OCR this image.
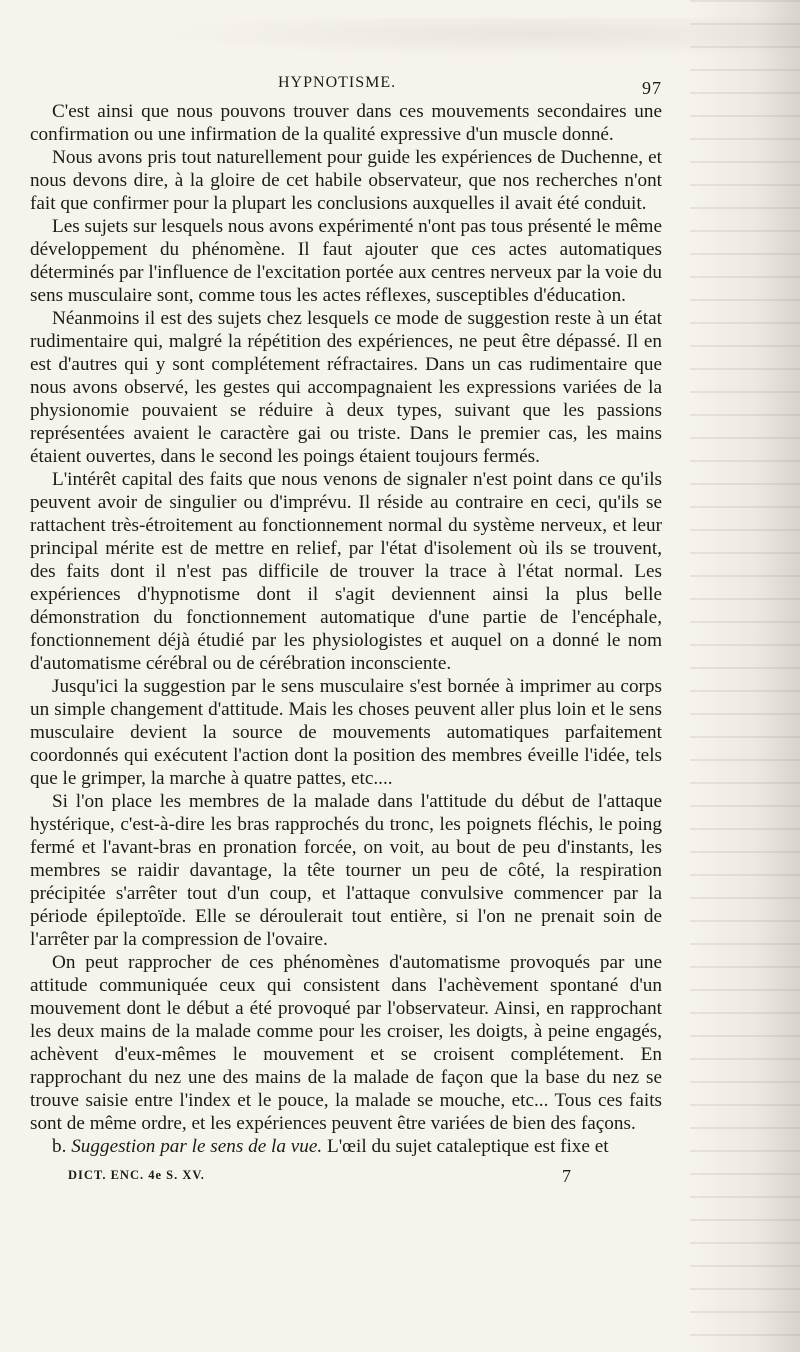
HYPNOTISME.	97

C'est ainsi que nous pouvons trouver dans ces mouvements secondaires une confirmation ou une infirmation de la qualité expressive d'un muscle donné.

Nous avons pris tout naturellement pour guide les expériences de Duchenne, et nous devons dire, à la gloire de cet habile observateur, que nos recherches n'ont fait que confirmer pour la plupart les conclusions auxquelles il avait été conduit.

Les sujets sur lesquels nous avons expérimenté n'ont pas tous présenté le même développement du phénomène. Il faut ajouter que ces actes automatiques déterminés par l'influence de l'excitation portée aux centres nerveux par la voie du sens musculaire sont, comme tous les actes réflexes, susceptibles d'éducation.

Néanmoins il est des sujets chez lesquels ce mode de suggestion reste à un état rudimentaire qui, malgré la répétition des expériences, ne peut être dépassé. Il en est d'autres qui y sont complétement réfractaires. Dans un cas rudimentaire que nous avons observé, les gestes qui accompagnaient les expressions variées de la physionomie pouvaient se réduire à deux types, suivant que les passions représentées avaient le caractère gai ou triste. Dans le premier cas, les mains étaient ouvertes, dans le second les poings étaient toujours fermés.

L'intérêt capital des faits que nous venons de signaler n'est point dans ce qu'ils peuvent avoir de singulier ou d'imprévu. Il réside au contraire en ceci, qu'ils se rattachent très-étroitement au fonctionnement normal du système nerveux, et leur principal mérite est de mettre en relief, par l'état d'isolement où ils se trouvent, des faits dont il n'est pas difficile de trouver la trace à l'état normal. Les expériences d'hypnotisme dont il s'agit deviennent ainsi la plus belle démonstration du fonctionnement automatique d'une partie de l'encéphale, fonctionnement déjà étudié par les physiologistes et auquel on a donné le nom d'automatisme cérébral ou de cérébration inconsciente.

Jusqu'ici la suggestion par le sens musculaire s'est bornée à imprimer au corps un simple changement d'attitude. Mais les choses peuvent aller plus loin et le sens musculaire devient la source de mouvements automatiques parfaitement coordonnés qui exécutent l'action dont la position des membres éveille l'idée, tels que le grimper, la marche à quatre pattes, etc....

Si l'on place les membres de la malade dans l'attitude du début de l'attaque hystérique, c'est-à-dire les bras rapprochés du tronc, les poignets fléchis, le poing fermé et l'avant-bras en pronation forcée, on voit, au bout de peu d'instants, les membres se raidir davantage, la tête tourner un peu de côté, la respiration précipitée s'arrêter tout d'un coup, et l'attaque convulsive commencer par la période épileptoïde. Elle se déroulerait tout entière, si l'on ne prenait soin de l'arrêter par la compression de l'ovaire.

On peut rapprocher de ces phénomènes d'automatisme provoqués par une attitude communiquée ceux qui consistent dans l'achèvement spontané d'un mouvement dont le début a été provoqué par l'observateur. Ainsi, en rapprochant les deux mains de la malade comme pour les croiser, les doigts, à peine engagés, achèvent d'eux-mêmes le mouvement et se croisent complétement. En rapprochant du nez une des mains de la malade de façon que la base du nez se trouve saisie entre l'index et le pouce, la malade se mouche, etc... Tous ces faits sont de même ordre, et les expériences peuvent être variées de bien des façons.

b. Suggestion par le sens de la vue. L'œil du sujet cataleptique est fixe et

DICT. ENC. 4e S. XV.	7
